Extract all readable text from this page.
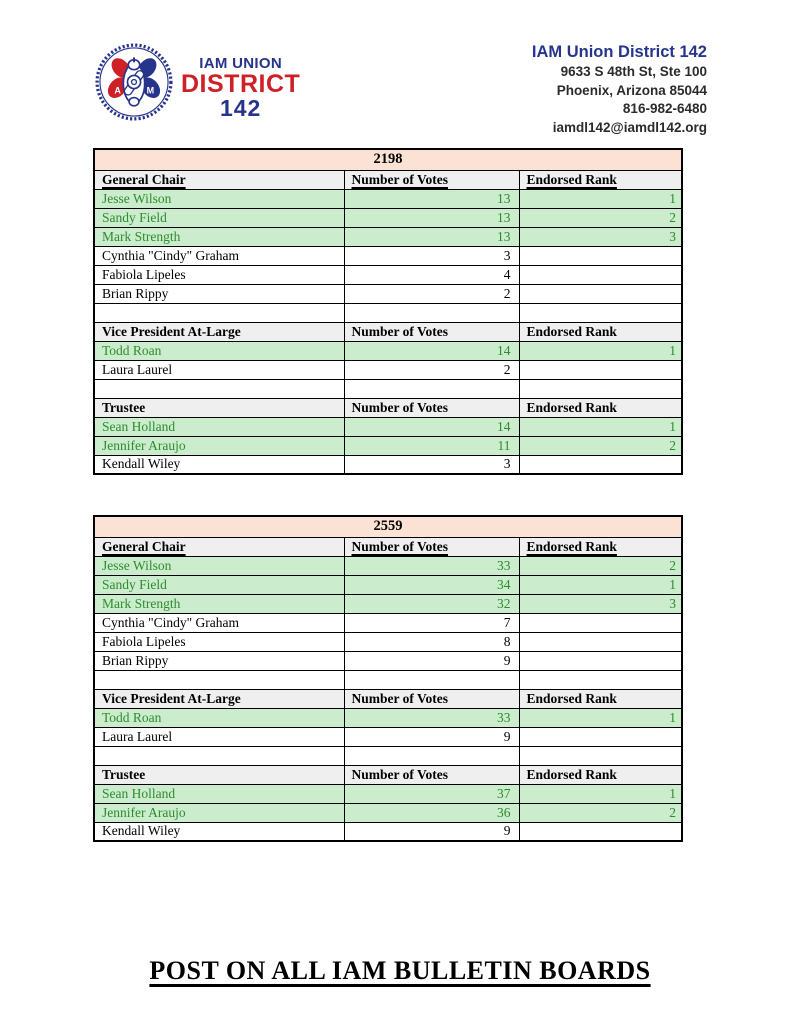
A M
IAM UNION
DISTRICT
142
IAM Union District 142
9633 S 48th St, Ste 100
Phoenix, Arizona 85044
816-982-6480
iamdl142@iamdl142.org
2198		
General Chair	Number of Votes	Endorsed Rank
Jesse Wilson	13	1
Sandy Field	13	2
Mark Strength	13	3
Cynthia "Cindy" Graham	3	
Fabiola Lipeles	4	
Brian Rippy	2	

Vice President At-Large	Number of Votes	Endorsed Rank
Todd Roan	14	1
Laura Laurel	2	

Trustee	Number of Votes	Endorsed Rank
Sean Holland	14	1
Jennifer Araujo	11	2
Kendall Wiley	3	
2559		
General Chair	Number of Votes	Endorsed Rank
Jesse Wilson	33	2
Sandy Field	34	1
Mark Strength	32	3
Cynthia "Cindy" Graham	7	
Fabiola Lipeles	8	
Brian Rippy	9	

Vice President At-Large	Number of Votes	Endorsed Rank
Todd Roan	33	1
Laura Laurel	9	

Trustee	Number of Votes	Endorsed Rank
Sean Holland	37	1
Jennifer Araujo	36	2
Kendall Wiley	9	
POST ON ALL IAM BULLETIN BOARDS
